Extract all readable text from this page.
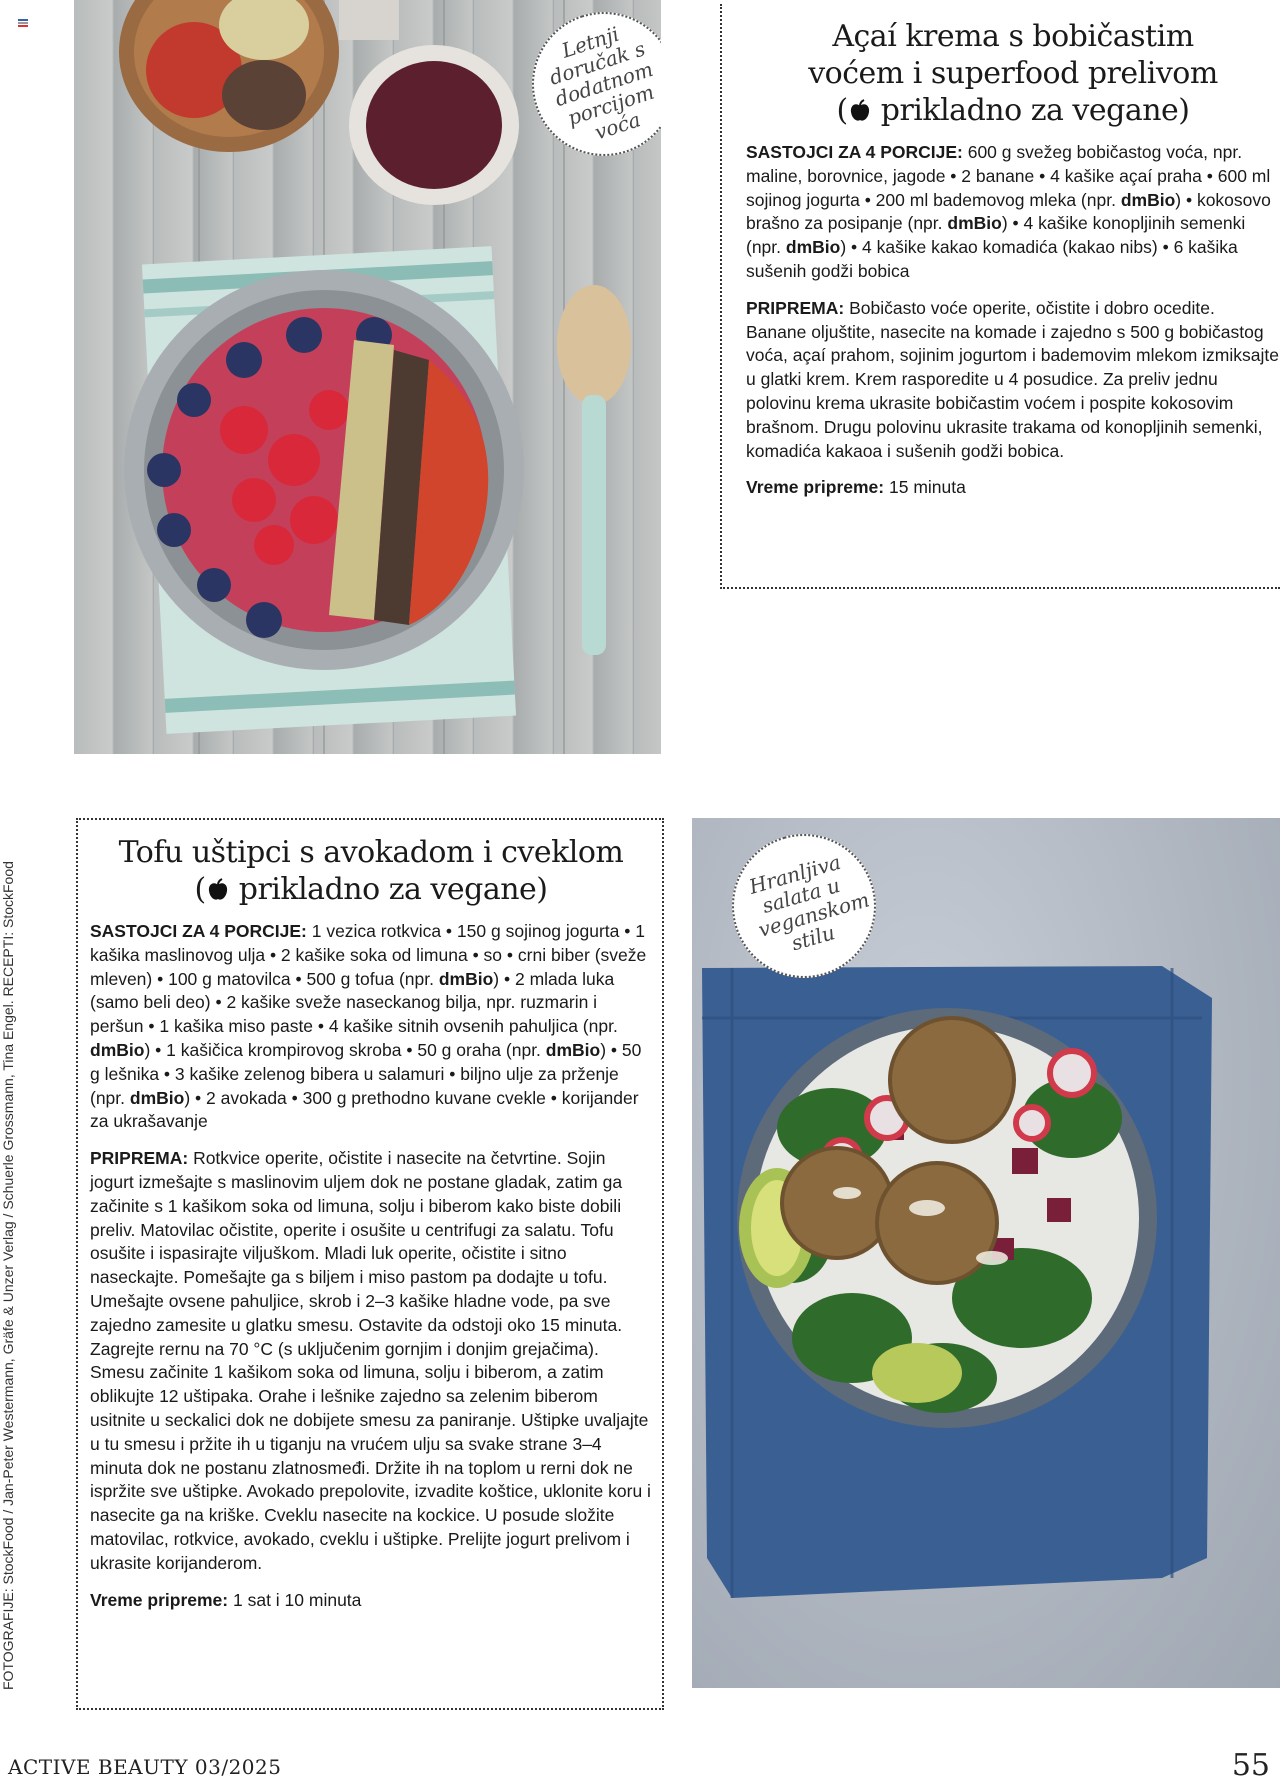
Letnji doručak s dodatnom porcijom voća
Açaí krema s bobičastim
voćem i superfood prelivom
( prikladno za vegane)

SASTOJCI ZA 4 PORCIJE: 600 g svežeg bobičastog voća, npr. maline, borovnice, jagode • 2 banane • 4 kašike açaí praha • 600 ml sojinog jogurta • 200 ml bademovog mleka (npr. dmBio) • kokosovo brašno za posipanje (npr. dmBio) • 4 kašike konopljinih semenki (npr. dmBio) • 4 kašike kakao komadića (kakao nibs) • 6 kašika sušenih godži bobica

PRIPREMA: Bobičasto voće operite, očistite i dobro ocedite. Banane oljuštite, nasecite na komade i zajedno s 500 g bobičastog voća, açaí prahom, sojinim jogurtom i bademovim mlekom izmiksajte u glatki krem. Krem rasporedite u 4 posudice. Za preliv jednu polovinu krema ukrasite bobičastim voćem i pospite kokosovim brašnom. Drugu polovinu ukrasite trakama od konopljinih semenki, komadića kakaoa i sušenih godži bobica.

Vreme pripreme: 15 minuta

Tofu uštipci s avokadom i cveklom
( prikladno za vegane)

SASTOJCI ZA 4 PORCIJE: 1 vezica rotkvica • 150 g sojinog jogurta • 1 kašika maslinovog ulja • 2 kašike soka od limuna • so • crni biber (sveže mleven) • 100 g matovilca • 500 g tofua (npr. dmBio) • 2 mlada luka (samo beli deo) • 2 kašike sveže naseckanog bilja, npr. ruzmarin i peršun • 1 kašika miso paste • 4 kašike sitnih ovsenih pahuljica (npr. dmBio) • 1 kašičica krompirovog skroba • 50 g oraha (npr. dmBio) • 50 g lešnika • 3 kašike zelenog bibera u salamuri • biljno ulje za prženje (npr. dmBio) • 2 avokada • 300 g prethodno kuvane cvekle • korijander za ukrašavanje

PRIPREMA: Rotkvice operite, očistite i nasecite na četvrtine. Sojin jogurt izmešajte s maslinovim uljem dok ne postane gladak, zatim ga začinite s 1 kašikom soka od limuna, solju i biberom kako biste dobili preliv. Matovilac očistite, operite i osušite u centrifugi za salatu. Tofu osušite i ispasirajte viljuškom. Mladi luk operite, očistite i sitno naseckajte. Pomešajte ga s biljem i miso pastom pa dodajte u tofu. Umešajte ovsene pahuljice, skrob i 2–3 kašike hladne vode, pa sve zajedno zamesite u glatku smesu. Ostavite da odstoji oko 15 minuta. Zagrejte rernu na 70 °C (s uključenim gornjim i donjim grejačima). Smesu začinite 1 kašikom soka od limuna, solju i biberom, a zatim oblikujte 12 uštipaka. Orahe i lešnike zajedno sa zelenim biberom usitnite u seckalici dok ne dobijete smesu za paniranje. Uštipke uvaljajte u tu smesu i pržite ih u tiganju na vrućem ulju sa svake strane 3–4 minuta dok ne postanu zlatnosmeđi. Držite ih na toplom u rerni dok ne ispržite sve uštipke. Avokado prepolovite, izvadite koštice, uklonite koru i nasecite ga na kriške. Cveklu nasecite na kockice. U posude složite matovilac, rotkvice, avokado, cveklu i uštipke. Prelijte jogurt prelivom i ukrasite korijanderom.

Vreme pripreme: 1 sat i 10 minuta

Hranljiva salata u veganskom stilu
FOTOGRAFIJE: StockFood / Jan-Peter Westermann, Gräfe & Unzer Verlag / Schuerle Grossmann, Tina Engel. RECEPTI: StockFood
ACTIVE BEAUTY 03/2025	55
